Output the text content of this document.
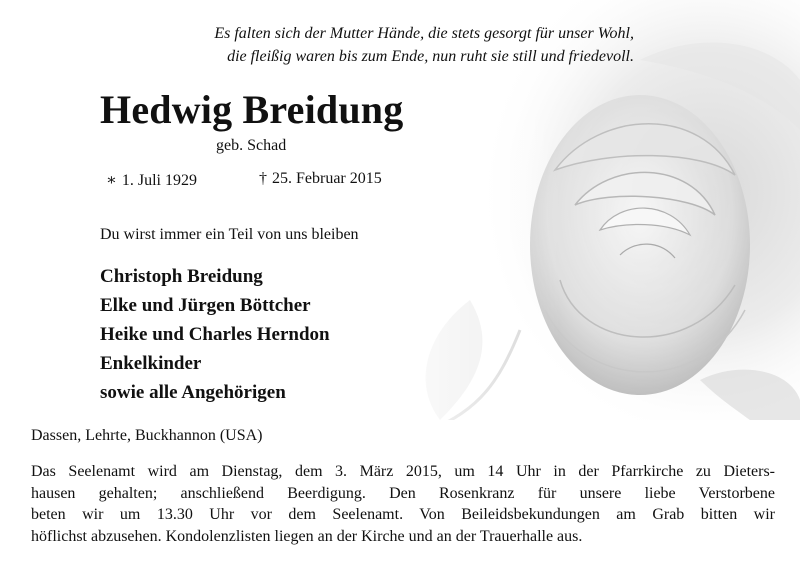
Es falten sich der Mutter Hände, die stets gesorgt für unser Wohl,
die fleißig waren bis zum Ende, nun ruht sie still und friedevoll.
Hedwig Breidung
geb. Schad
∗ 1. Juli 1929	† 25. Februar 2015
Du wirst immer ein Teil von uns bleiben
Christoph Breidung
Elke und Jürgen Böttcher
Heike und Charles Herndon
Enkelkinder
sowie alle Angehörigen
Dassen, Lehrte, Buckhannon (USA)
Das Seelenamt wird am Dienstag, dem 3. März 2015, um 14 Uhr in der Pfarrkirche zu Dieters-
hausen gehalten; anschließend Beerdigung. Den Rosenkranz für unsere liebe Verstorbene
beten wir um 13.30 Uhr vor dem Seelenamt. Von Beileidsbekundungen am Grab bitten wir
höflichst abzusehen. Kondolenzlisten liegen an der Kirche und an der Trauerhalle aus.
